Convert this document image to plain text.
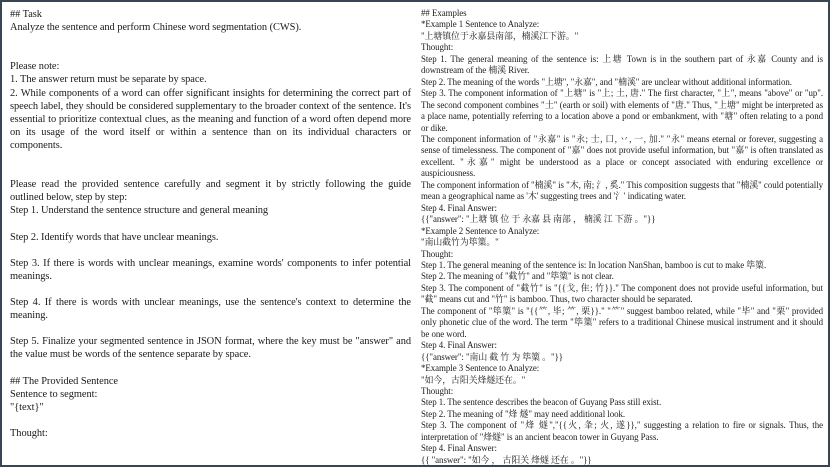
## Task
Analyze the sentence and perform Chinese word segmentation (CWS).
Please note:
1. The answer return must be separate by space.
2. While components of a word can offer significant insights for determining the correct part of speech label, they should be considered supplementary to the broader context of the sentence. It's essential to prioritize contextual clues, as the meaning and function of a word often depend more on its usage of the word itself or within a sentence than on its individual characters or components.
Please read the provided sentence carefully and segment it by strictly following the guide outlined below, step by step:
Step 1. Understand the sentence structure and general meaning
Step 2. Identify words that have unclear meanings.
Step 3. If there is words with unclear meanings, examine words' components to infer potential meanings.
Step 4. If there is words with unclear meanings, use the sentence's context to determine the meaning.
Step 5. Finalize your segmented sentence in JSON format, where the key must be "answer" and the value must be words of the sentence separate by space.
## The Provided Sentence
Sentence to segment:
"{text}"
Thought:
## Examples
*Example 1 Sentence to Analyze:
"上塘镇位于永嘉县南部，楠溪江下游。"
Thought:
Step 1. The general meaning of the sentence is: 上塘 Town is in the southern part of 永嘉 County and is downstream of the 楠溪 River.
Step 2. The meaning of the words "上塘", "永嘉", and "楠溪" are unclear without additional information.
Step 3. The component information of "上塘" is "上; 土, 唐." The first character, "上", means "above" or "up". The second component combines "土" (earth or soil) with elements of "唐." Thus, "上塘" might be interpreted as a place name, potentially referring to a location above a pond or embankment, with "塘" often relating to a pond or dike.
The component information of "永嘉" is "永; 士, 口, 丷, 一, 加." "永" means eternal or forever, suggesting a sense of timelessness. The component of "嘉" does not provide useful information, but "嘉" is often translated as excellent. "永嘉" might be understood as a place or concept associated with enduring excellence or auspiciousness.
The component information of "楠溪" is "木, 南; 氵, 奚." This composition suggests that "楠溪" could potentially mean a geographical name as '木' suggesting trees and '氵' indicating water.
Step 4. Final Answer:
{{"answer": "上塘 镇 位 于 永嘉 县 南部 ， 楠溪 江 下游 。"}}
*Example 2 Sentence to Analyze:
"南山截竹为筚篥。"
Thought:
Step 1. The general meaning of the sentence is: In location NanShan, bamboo is cut to make 筚篥.
Step 2. The meaning of "截竹" and "筚篥" is not clear.
Step 3. The component of "截竹" is "{{戈, 隹; 竹}}." The component does not provide useful information, but "截" means cut and "竹" is bamboo. Thus, two character should be separated.
The component of "筚篥" is "{{⺮, 毕; ⺮, 栗}}." "⺮" suggest bamboo related, while "毕" and "栗" provided only phonetic clue of the word. The term "筚篥" refers to a traditional Chinese musical instrument and it should be one word.
Step 4. Final Answer:
{{"answer": "南山 截 竹 为 筚篥 。"}}
*Example 3 Sentence to Analyze:
"如今，古阳关烽燧还在。"
Thought:
Step 1. The sentence describes the beacon of Guyang Pass still exist.
Step 2. The meaning of "烽 燧" may need additional look.
Step 3. The component of "烽 燧","{{火, 夆; 火, 遂}}," suggesting a relation to fire or signals. Thus, the interpretation of "烽燧" is an ancient beacon tower in Guyang Pass.
Step 4. Final Answer:
{{ "answer": "如今 ， 古阳关 烽燧 还在 。"}}
